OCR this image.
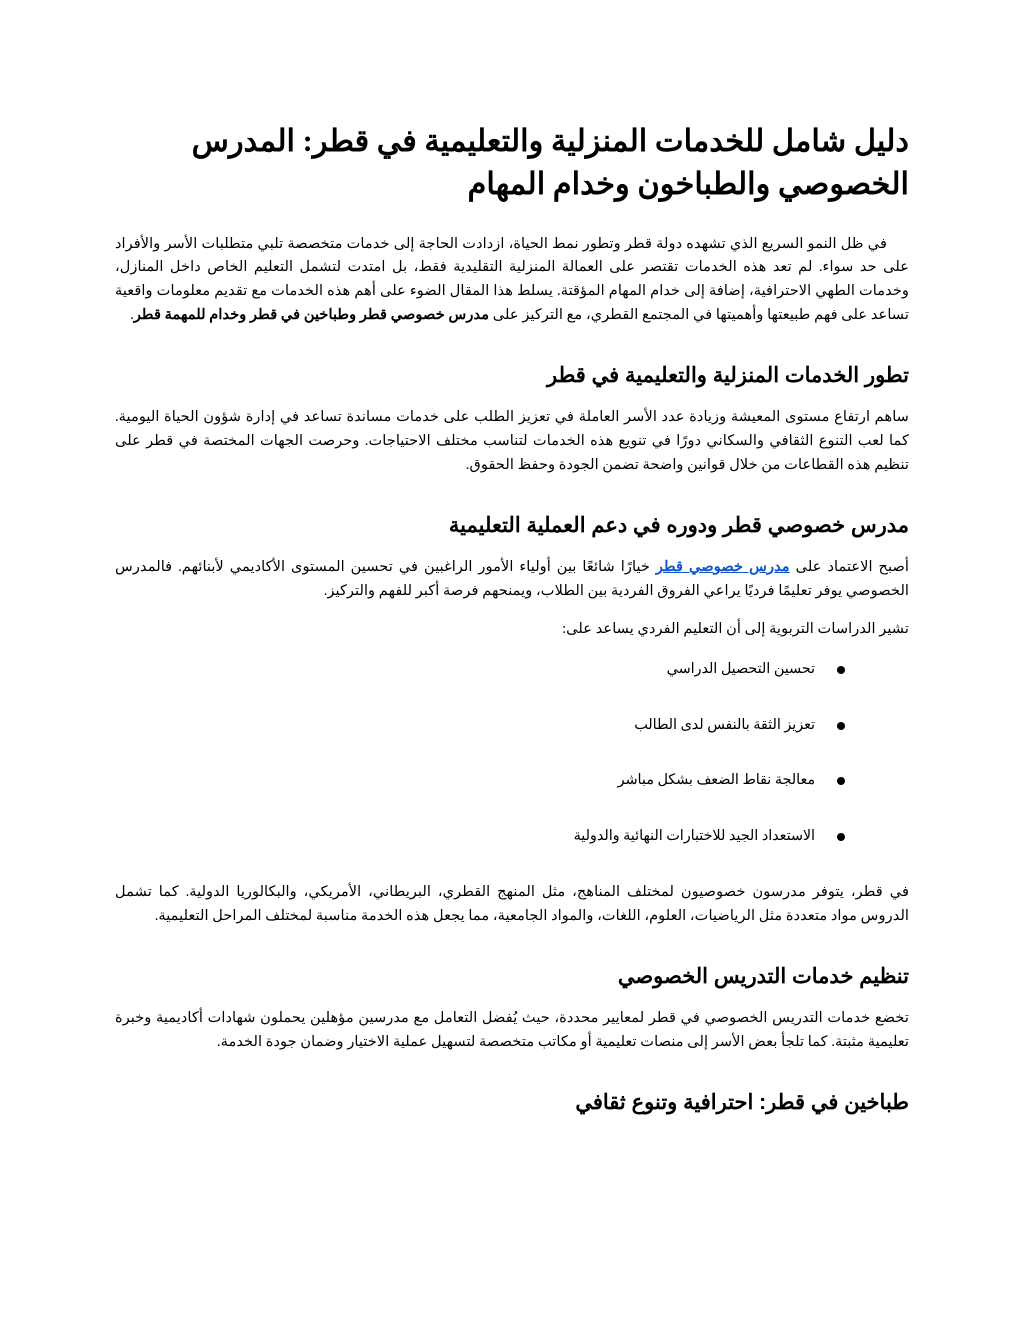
دليل شامل للخدمات المنزلية والتعليمية في قطر: المدرس الخصوصي والطباخون وخدام المهام

في ظل النمو السريع الذي تشهده دولة قطر وتطور نمط الحياة، ازدادت الحاجة إلى خدمات متخصصة تلبي متطلبات الأسر والأفراد على حد سواء. لم تعد هذه الخدمات تقتصر على العمالة المنزلية التقليدية فقط، بل امتدت لتشمل التعليم الخاص داخل المنازل، وخدمات الطهي الاحترافية، إضافة إلى خدام المهام المؤقتة. يسلط هذا المقال الضوء على أهم هذه الخدمات مع تقديم معلومات واقعية تساعد على فهم طبيعتها وأهميتها في المجتمع القطري، مع التركيز على مدرس خصوصي قطر وطباخين في قطر وخدام للمهمة قطر.

تطور الخدمات المنزلية والتعليمية في قطر

ساهم ارتفاع مستوى المعيشة وزيادة عدد الأسر العاملة في تعزيز الطلب على خدمات مساندة تساعد في إدارة شؤون الحياة اليومية. كما لعب التنوع الثقافي والسكاني دورًا في تنويع هذه الخدمات لتناسب مختلف الاحتياجات. وحرصت الجهات المختصة في قطر على تنظيم هذه القطاعات من خلال قوانين واضحة تضمن الجودة وحفظ الحقوق.

مدرس خصوصي قطر ودوره في دعم العملية التعليمية

أصبح الاعتماد على مدرس خصوصي قطر خيارًا شائعًا بين أولياء الأمور الراغبين في تحسين المستوى الأكاديمي لأبنائهم. فالمدرس الخصوصي يوفر تعليمًا فرديًا يراعي الفروق الفردية بين الطلاب، ويمنحهم فرصة أكبر للفهم والتركيز.

تشير الدراسات التربوية إلى أن التعليم الفردي يساعد على:

تحسين التحصيل الدراسي
تعزيز الثقة بالنفس لدى الطالب
معالجة نقاط الضعف بشكل مباشر
الاستعداد الجيد للاختبارات النهائية والدولية

في قطر، يتوفر مدرسون خصوصيون لمختلف المناهج، مثل المنهج القطري، البريطاني، الأمريكي، والبكالوريا الدولية. كما تشمل الدروس مواد متعددة مثل الرياضيات، العلوم، اللغات، والمواد الجامعية، مما يجعل هذه الخدمة مناسبة لمختلف المراحل التعليمية.

تنظيم خدمات التدريس الخصوصي

تخضع خدمات التدريس الخصوصي في قطر لمعايير محددة، حيث يُفضل التعامل مع مدرسين مؤهلين يحملون شهادات أكاديمية وخبرة تعليمية مثبتة. كما تلجأ بعض الأسر إلى منصات تعليمية أو مكاتب متخصصة لتسهيل عملية الاختيار وضمان جودة الخدمة.

طباخين في قطر: احترافية وتنوع ثقافي
